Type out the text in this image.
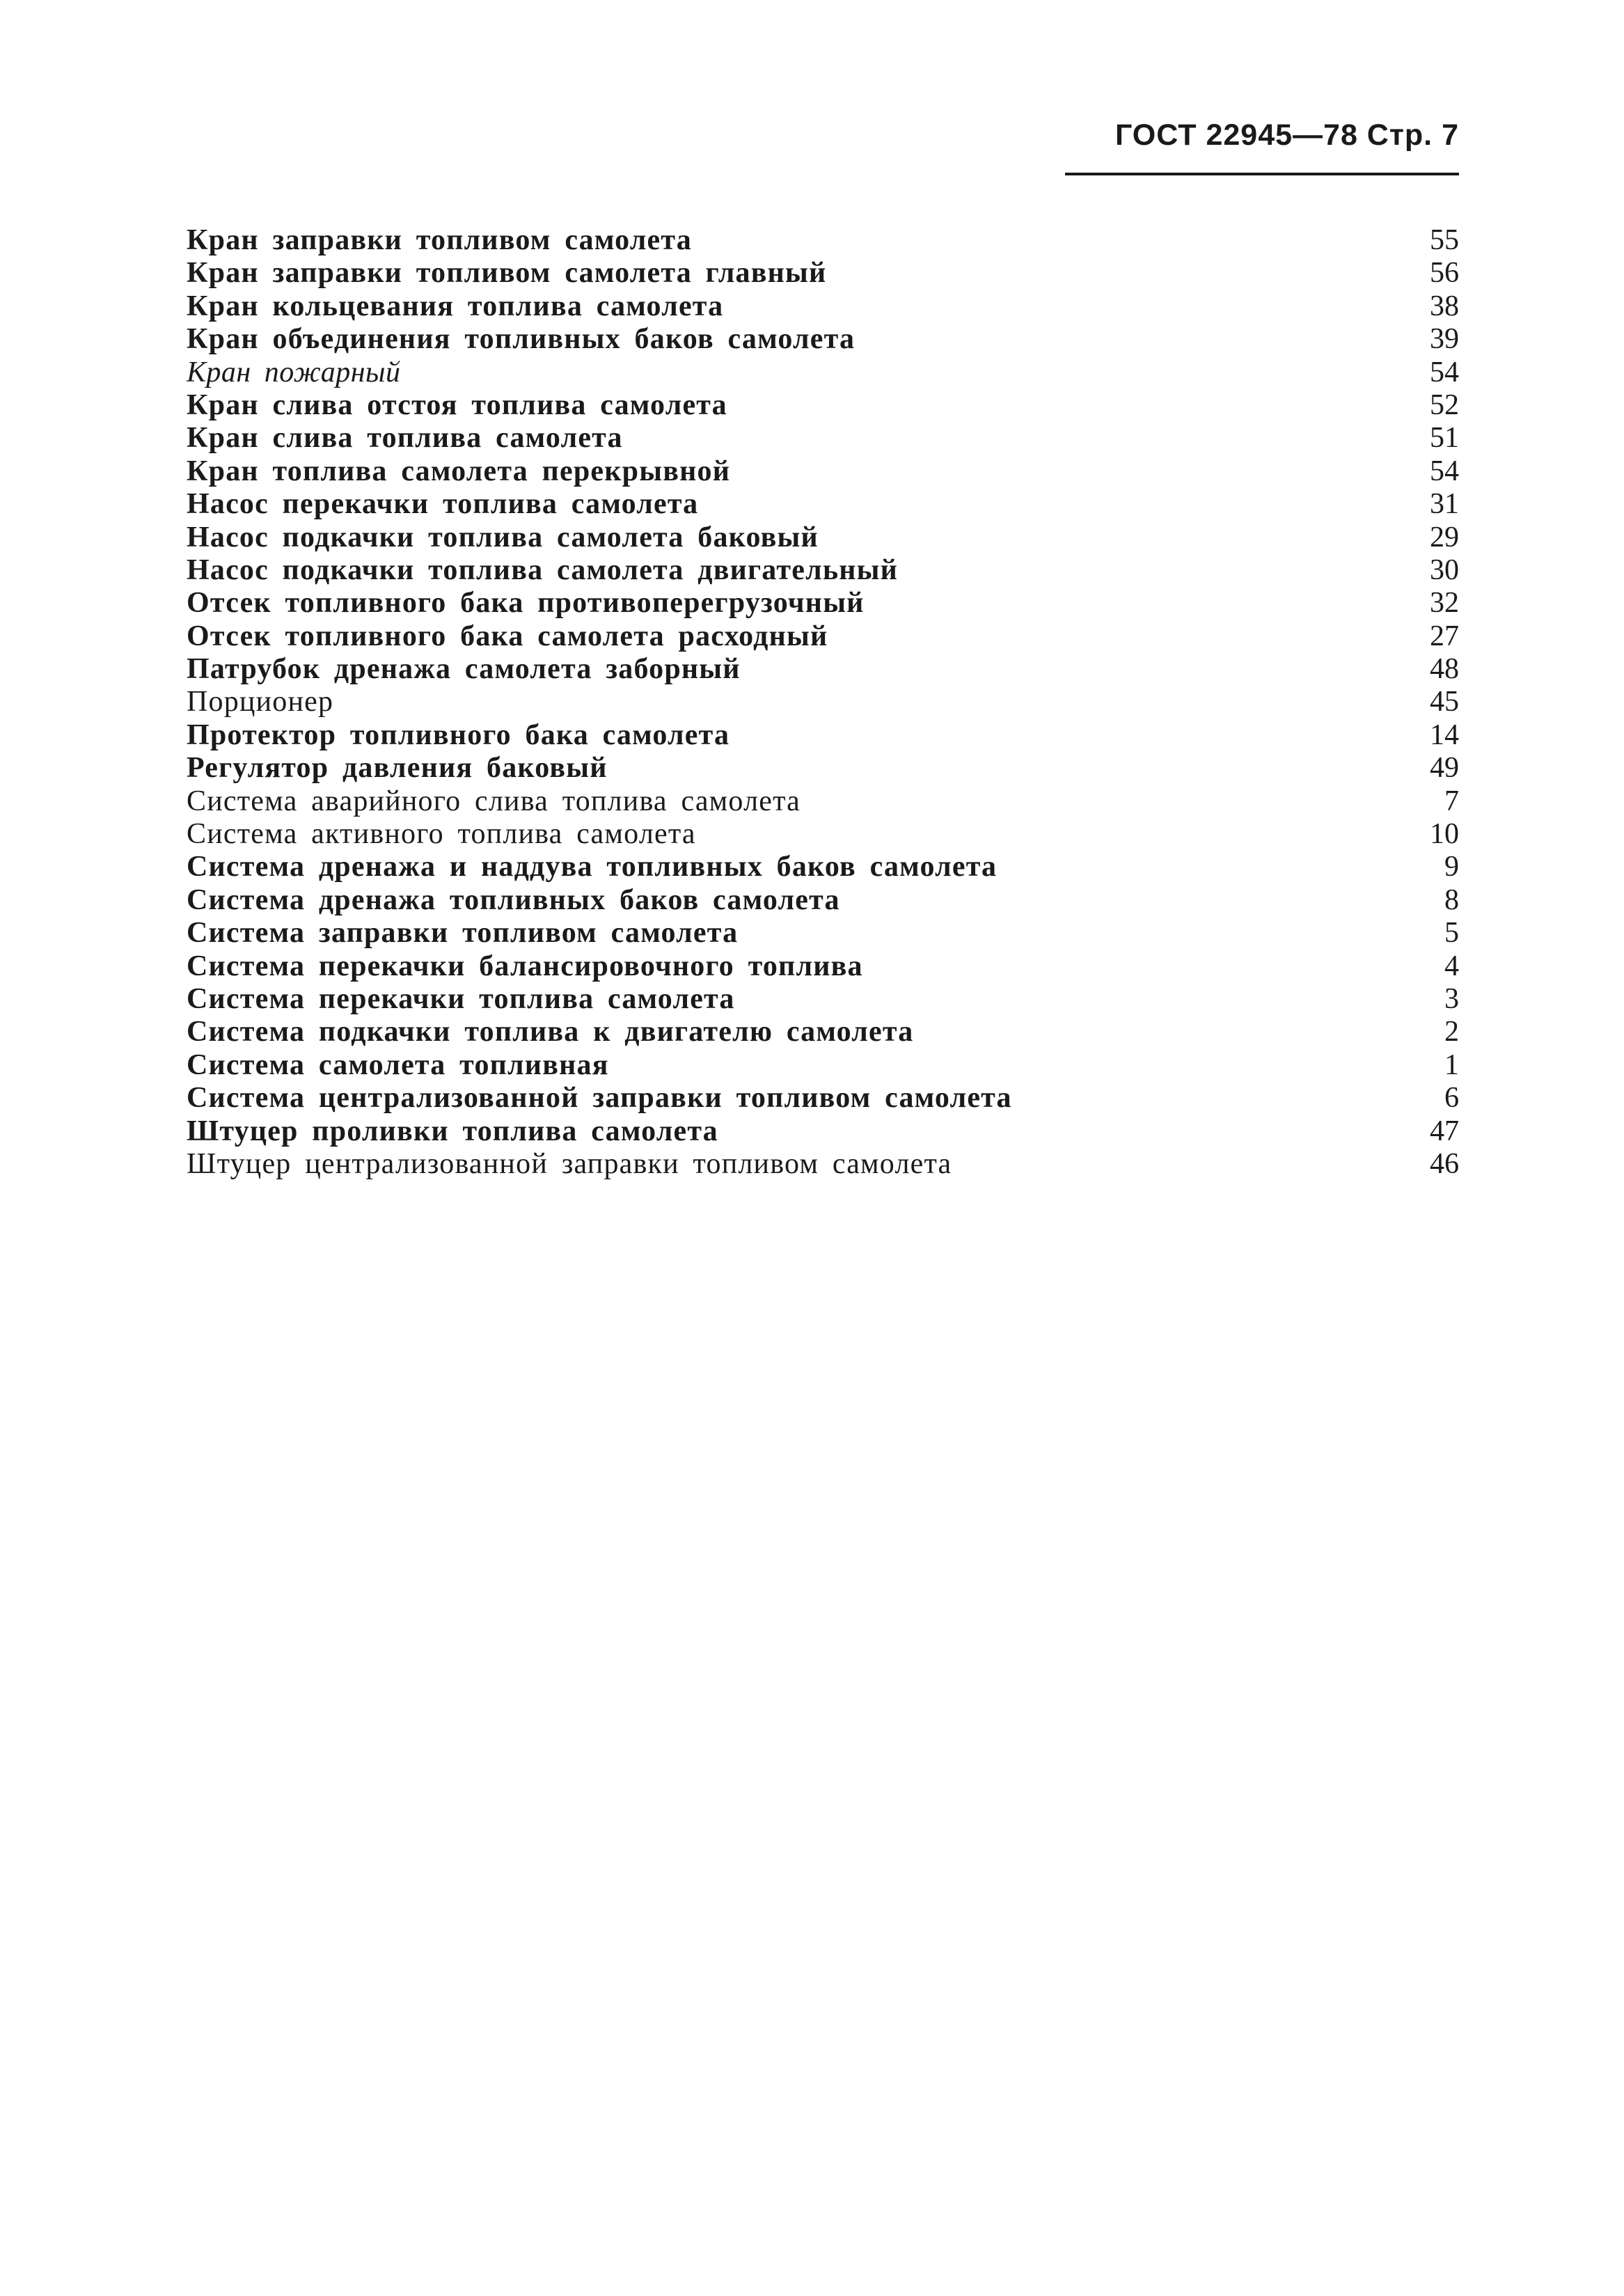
ГОСТ 22945—78 Стр. 7
Кран заправки топливом самолета	55
Кран заправки топливом самолета главный	56
Кран кольцевания топлива самолета	38
Кран объединения топливных баков самолета	39
Кран пожарный	54
Кран слива отстоя топлива самолета	52
Кран слива топлива самолета	51
Кран топлива самолета перекрывной	54
Насос перекачки топлива самолета	31
Насос подкачки топлива самолета баковый	29
Насос подкачки топлива самолета двигательный	30
Отсек топливного бака противоперегрузочный	32
Отсек топливного бака самолета расходный	27
Патрубок дренажа самолета заборный	48
Порционер	45
Протектор топливного бака самолета	14
Регулятор давления баковый	49
Система аварийного слива топлива самолета	7
Система активного топлива самолета	10
Система дренажа и наддува топливных баков самолета	9
Система дренажа топливных баков самолета	8
Система заправки топливом самолета	5
Система перекачки балансировочного топлива	4
Система перекачки топлива самолета	3
Система подкачки топлива к двигателю самолета	2
Система самолета топливная	1
Система централизованной заправки топливом самолета	6
Штуцер проливки топлива самолета	47
Штуцер централизованной заправки топливом самолета	46
